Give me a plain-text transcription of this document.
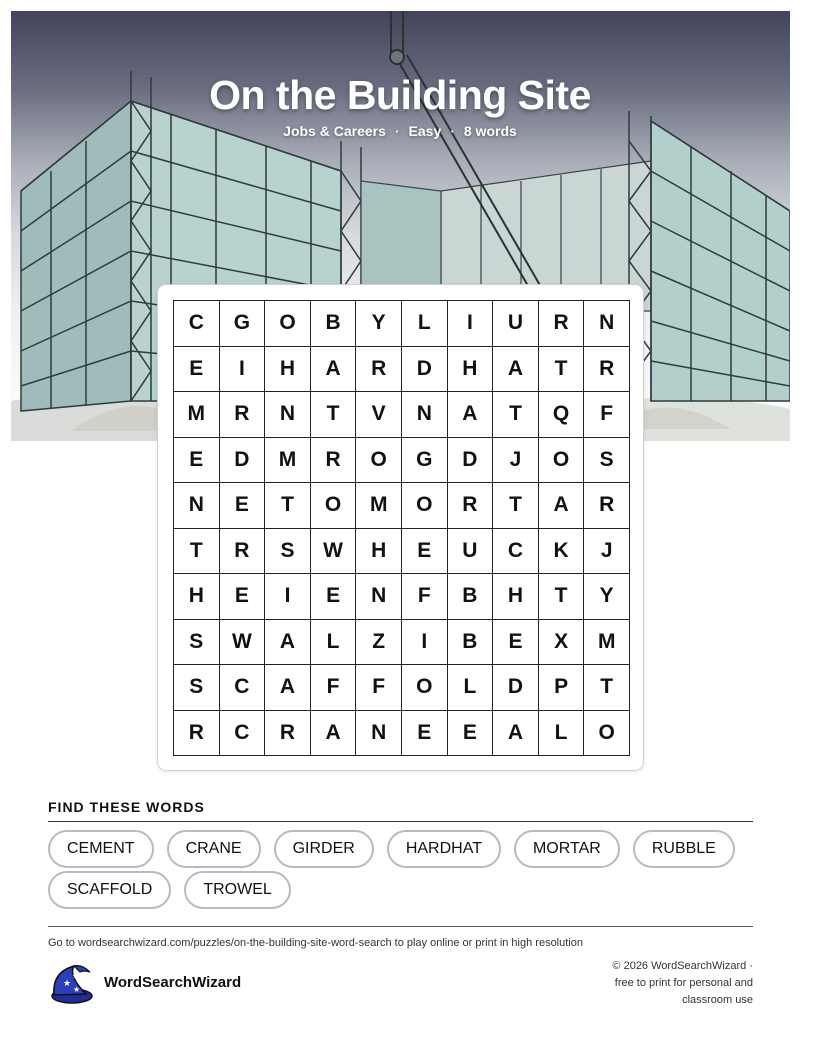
On the Building Site
Jobs & Careers · Easy · 8 words
C	G	O	B	Y	L	I	U	R	N
E	I	H	A	R	D	H	A	T	R
M	R	N	T	V	N	A	T	Q	F
E	D	M	R	O	G	D	J	O	S
N	E	T	O	M	O	R	T	A	R
T	R	S	W	H	E	U	C	K	J
H	E	I	E	N	F	B	H	T	Y
S	W	A	L	Z	I	B	E	X	M
S	C	A	F	F	O	L	D	P	T
R	C	R	A	N	E	E	A	L	O
FIND THESE WORDS
CEMENT	CRANE	GIRDER	HARDHAT	MORTAR	RUBBLE
SCAFFOLD	TROWEL
Go to wordsearchwizard.com/puzzles/on-the-building-site-word-search to play online or print in high resolution
★
★
★ WordSearchWizard
© 2026 WordSearchWizard ·
free to print for personal and
classroom use
